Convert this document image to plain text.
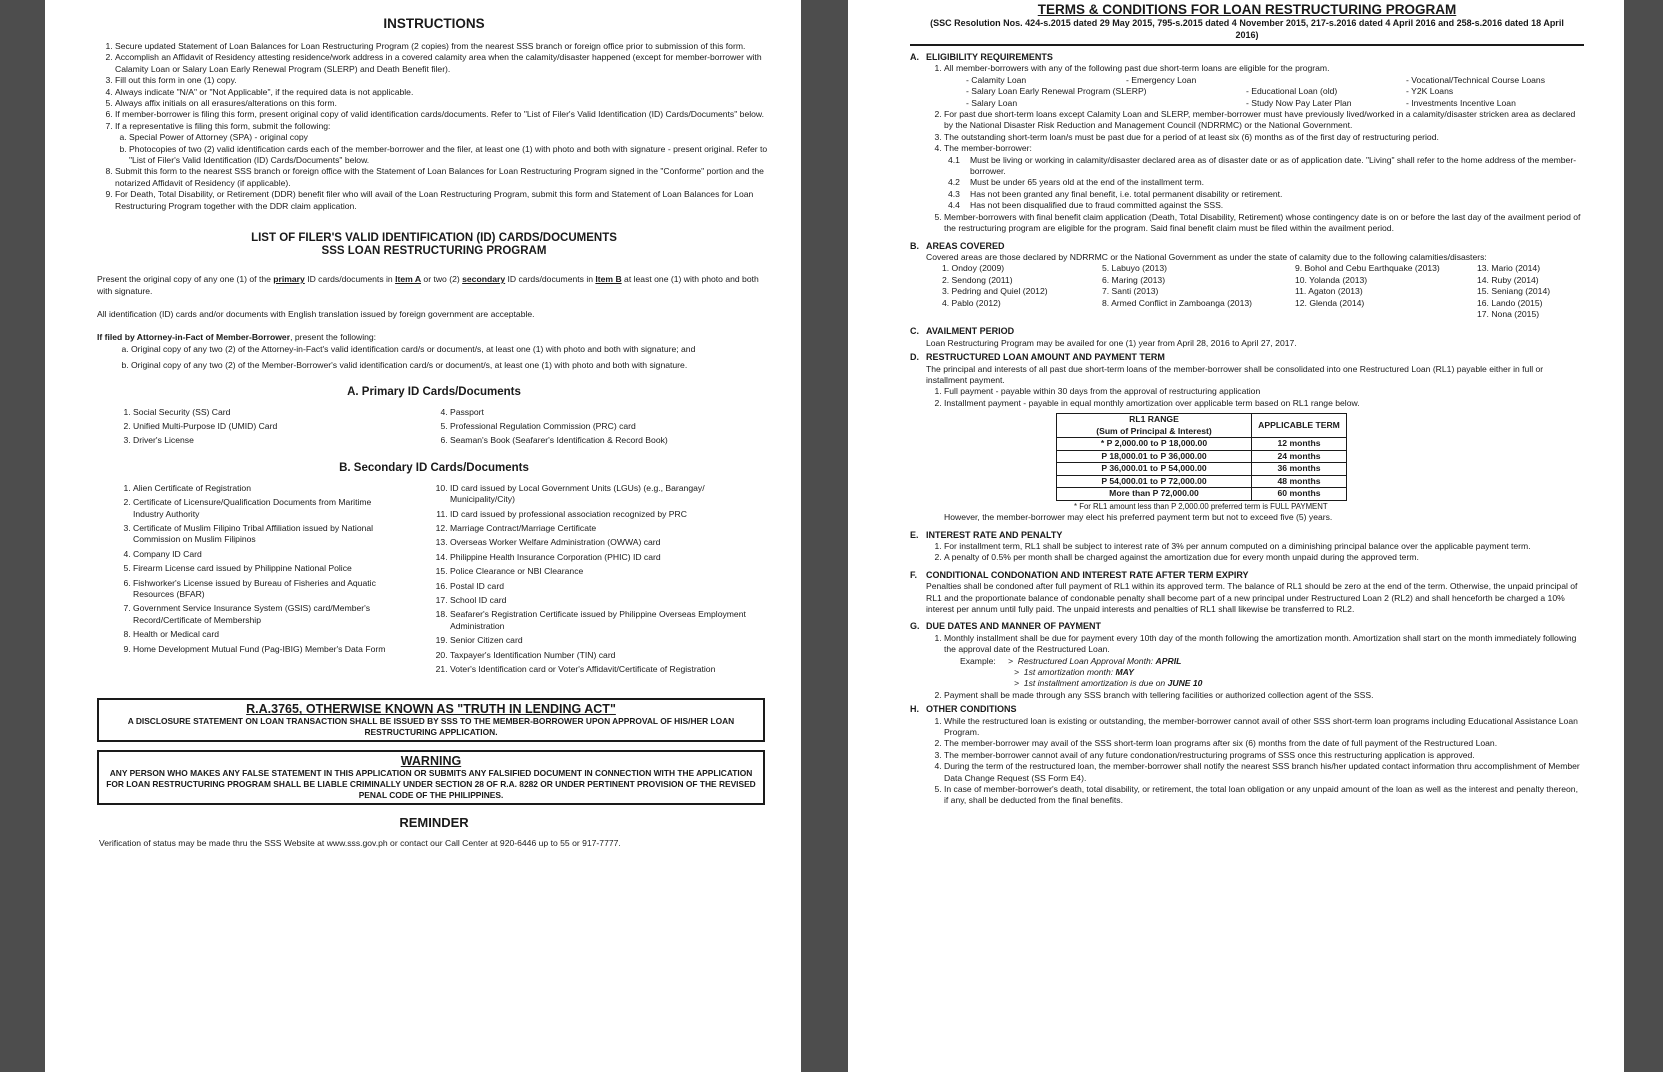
INSTRUCTIONS
1. Secure updated Statement of Loan Balances for Loan Restructuring Program (2 copies) from the nearest SSS branch or foreign office prior to submission of this form.
2. Accomplish an Affidavit of Residency attesting residence/work address in a covered calamity area when the calamity/disaster happened (except for member-borrower with Calamity Loan or Salary Loan Early Renewal Program (SLERP) and Death Benefit filer).
3. Fill out this form in one (1) copy.
4. Always indicate "N/A" or "Not Applicable", if the required data is not applicable.
5. Always affix initials on all erasures/alterations on this form.
6. If member-borrower is filing this form, present original copy of valid identification cards/documents. Refer to "List of Filer's Valid Identification (ID) Cards/Documents" below.
7. If a representative is filing this form, submit the following:
a. Special Power of Attorney (SPA) - original copy
b. Photocopies of two (2) valid identification cards each of the member-borrower and the filer, at least one (1) with photo and both with signature - present original. Refer to "List of Filer's Valid Identification (ID) Cards/Documents" below.
8. Submit this form to the nearest SSS branch or foreign office with the Statement of Loan Balances for Loan Restructuring Program signed in the "Conforme" portion and the notarized Affidavit of Residency (if applicable).
9. For Death, Total Disability, or Retirement (DDR) benefit filer who will avail of the Loan Restructuring Program, submit this form and Statement of Loan Balances for Loan Restructuring Program together with the DDR claim application.
LIST OF FILER'S VALID IDENTIFICATION (ID) CARDS/DOCUMENTS
SSS LOAN RESTRUCTURING PROGRAM

Present the original copy of any one (1) of the primary ID cards/documents in Item A or two (2) secondary ID cards/documents in Item B at least one (1) with photo and both with signature.

All identification (ID) cards and/or documents with English translation issued by foreign government are acceptable.

If filed by Attorney-in-Fact of Member-Borrower, present the following:

a. Original copy of any two (2) of the Attorney-in-Fact's valid identification card/s or document/s, at least one (1) with photo and both with signature; and
b. Original copy of any two (2) of the Member-Borrower's valid identification card/s or document/s, at least one (1) with photo and both with signature.
A. Primary ID Cards/Documents
1. Social Security (SS) Card
2. Unified Multi-Purpose ID (UMID) Card
3. Driver's License
4. Passport
5. Professional Regulation Commission (PRC) card
6. Seaman's Book (Seafarer's Identification & Record Book)
B. Secondary ID Cards/Documents
1. Alien Certificate of Registration
2. Certificate of Licensure/Qualification Documents from Maritime Industry Authority
3. Certificate of Muslim Filipino Tribal Affiliation issued by National Commission on Muslim Filipinos
4. Company ID Card
5. Firearm License card issued by Philippine National Police
6. Fishworker's License issued by Bureau of Fisheries and Aquatic Resources (BFAR)
7. Government Service Insurance System (GSIS) card/Member's Record/Certificate of Membership
8. Health or Medical card
9. Home Development Mutual Fund (Pag-IBIG) Member's Data Form
10. ID card issued by Local Government Units (LGUs) (e.g., Barangay/ Municipality/City)
11. ID card issued by professional association recognized by PRC
12. Marriage Contract/Marriage Certificate
13. Overseas Worker Welfare Administration (OWWA) card
14. Philippine Health Insurance Corporation (PHIC) ID card
15. Police Clearance or NBI Clearance
16. Postal ID card
17. School ID card
18. Seafarer's Registration Certificate issued by Philippine Overseas Employment Administration
19. Senior Citizen card
20. Taxpayer's Identification Number (TIN) card
21. Voter's Identification card or Voter's Affidavit/Certificate of Registration
R.A.3765, OTHERWISE KNOWN AS "TRUTH IN LENDING ACT"
A DISCLOSURE STATEMENT ON LOAN TRANSACTION SHALL BE ISSUED BY SSS TO THE MEMBER-BORROWER UPON APPROVAL OF HIS/HER LOAN RESTRUCTURING APPLICATION.
WARNING
ANY PERSON WHO MAKES ANY FALSE STATEMENT IN THIS APPLICATION OR SUBMITS ANY FALSIFIED DOCUMENT IN CONNECTION WITH THE APPLICATION FOR LOAN RESTRUCTURING PROGRAM SHALL BE LIABLE CRIMINALLY UNDER SECTION 28 OF R.A. 8282 OR UNDER PERTINENT PROVISION OF THE REVISED PENAL CODE OF THE PHILIPPINES.
REMINDER
Verification of status may be made thru the SSS Website at www.sss.gov.ph or contact our Call Center at 920-6446 up to 55 or 917-7777.
TERMS & CONDITIONS FOR LOAN RESTRUCTURING PROGRAM
(SSC Resolution Nos. 424-s.2015 dated 29 May 2015, 795-s.2015 dated 4 November 2015, 217-s.2016 dated 4 April 2016 and 258-s.2016 dated 18 April 2016)
A. ELIGIBILITY REQUIREMENTS
1. All member-borrowers with any of the following past due short-term loans are eligible for the program.
- Calamity Loan	- Emergency Loan	- Vocational/Technical Course Loans
- Salary Loan Early Renewal Program (SLERP)	- Educational Loan (old)	- Y2K Loans
- Salary Loan	- Study Now Pay Later Plan	- Investments Incentive Loan
2. For past due short-term loans except Calamity Loan and SLERP, member-borrower must have previously lived/worked in a calamity/disaster stricken area as declared by the National Disaster Risk Reduction and Management Council (NDRRMC) or the National Government.
3. The outstanding short-term loan/s must be past due for a period of at least six (6) months as of the first day of restructuring period.
4. The member-borrower:
4.1	Must be living or working in calamity/disaster declared area as of disaster date or as of application date. "Living" shall refer to the home address of the member-borrower.
4.2	Must be under 65 years old at the end of the installment term.
4.3	Has not been granted any final benefit, i.e. total permanent disability or retirement.
4.4	Has not been disqualified due to fraud committed against the SSS.
5. Member-borrowers with final benefit claim application (Death, Total Disability, Retirement) whose contingency date is on or before the last day of the availment period of the restructuring program are eligible for the program. Said final benefit claim must be filed within the availment period.
B. AREAS COVERED
Covered areas are those declared by NDRRMC or the National Government as under the state of calamity due to the following calamities/disasters:
1. Ondoy (2009)
2. Sendong (2011)
3. Pedring and Quiel (2012)
4. Pablo (2012)
5. Labuyo (2013)
6. Maring (2013)
7. Santi (2013)
8. Armed Conflict in Zamboanga (2013)
9. Bohol and Cebu Earthquake (2013)
10. Yolanda (2013)
11. Agaton (2013)
12. Glenda (2014)
13. Mario (2014)
14. Ruby (2014)
15. Seniang (2014)
16. Lando (2015)
17. Nona (2015)
C. AVAILMENT PERIOD
Loan Restructuring Program may be availed for one (1) year from April 28, 2016 to April 27, 2017.
D. RESTRUCTURED LOAN AMOUNT AND PAYMENT TERM
The principal and interests of all past due short-term loans of the member-borrower shall be consolidated into one Restructured Loan (RL1) payable either in full or installment payment.
1. Full payment - payable within 30 days from the approval of restructuring application
2. Installment payment - payable in equal monthly amortization over applicable term based on RL1 range below.
RL1 RANGE
(Sum of Principal & Interest)	APPLICABLE TERM
* P 2,000.00 to P 18,000.00	12 months
P 18,000.01 to P 36,000.00	24 months
P 36,000.01 to P 54,000.00	36 months
P 54,000.01 to P 72,000.00	48 months
More than P 72,000.00	60 months
* For RL1 amount less than P 2,000.00 preferred term is FULL PAYMENT
However, the member-borrower may elect his preferred payment term but not to exceed five (5) years.
E. INTEREST RATE AND PENALTY
1. For installment term, RL1 shall be subject to interest rate of 3% per annum computed on a diminishing principal balance over the applicable payment term.
2. A penalty of 0.5% per month shall be charged against the amortization due for every month unpaid during the approved term.
F. CONDITIONAL CONDONATION AND INTEREST RATE AFTER TERM EXPIRY
Penalties shall be condoned after full payment of RL1 within its approved term. The balance of RL1 should be zero at the end of the term. Otherwise, the unpaid principal of RL1 and the proportionate balance of condonable penalty shall become part of a new principal under Restructured Loan 2 (RL2) and shall henceforth be charged a 10% interest per annum until fully paid. The unpaid interests and penalties of RL1 shall likewise be transferred to RL2.
G. DUE DATES AND MANNER OF PAYMENT
1. Monthly installment shall be due for payment every 10th day of the month following the amortization month. Amortization shall start on the month immediately following the approval date of the Restructured Loan.
Example:	>  Restructured Loan Approval Month: APRIL
>  1st amortization month: MAY
>  1st installment amortization is due on JUNE 10
2. Payment shall be made through any SSS branch with tellering facilities or authorized collection agent of the SSS.
H. OTHER CONDITIONS
1. While the restructured loan is existing or outstanding, the member-borrower cannot avail of other SSS short-term loan programs including Educational Assistance Loan Program.
2. The member-borrower may avail of the SSS short-term loan programs after six (6) months from the date of full payment of the Restructured Loan.
3. The member-borrower cannot avail of any future condonation/restructuring programs of SSS once this restructuring application is approved.
4. During the term of the restructured loan, the member-borrower shall notify the nearest SSS branch his/her updated contact information thru accomplishment of Member Data Change Request (SS Form E4).
5. In case of member-borrower's death, total disability, or retirement, the total loan obligation or any unpaid amount of the loan as well as the interest and penalty thereon, if any, shall be deducted from the final benefits.
